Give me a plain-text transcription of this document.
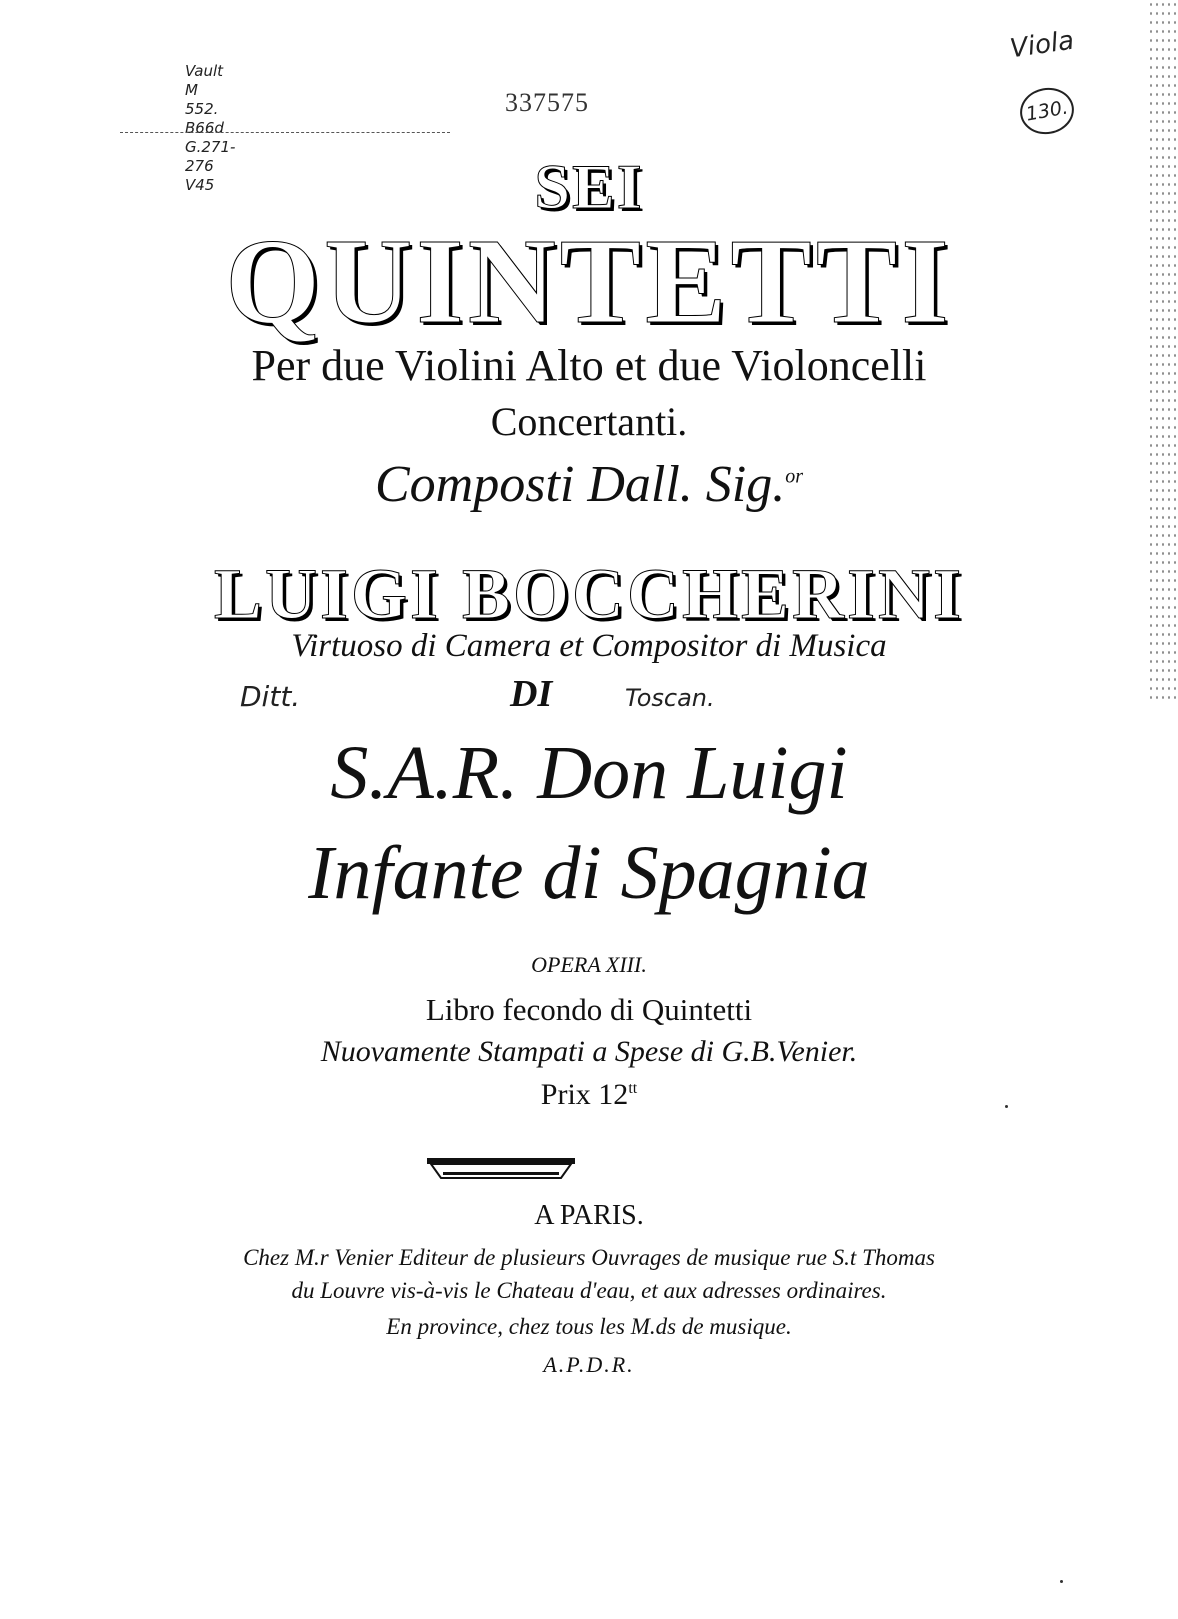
Vault
M
552.
B66d
G.271-
276
V45
337575
Viola
130.
SEI
QUINTETTI
Per due Violini Alto et due Violoncelli
Concertanti.
Composti Dall. Sig.$^{or}$
LUIGI BOCCHERINI
Virtuoso di Camera et Compositor di Musica
Ditt.	DI	Toscan.
S.A.R. Don Luigi
Infante di Spagnia
OPERA XIII.
Libro fecondo di Quintetti
Nuovamente Stampati a Spese di G.B.Venier.
Prix $12^{tt}$
A PARIS.
Chez M.r Venier Editeur de plusieurs Ouvrages de musique rue S.t Thomas
du Louvre vis-à-vis le Chateau d'eau, et aux adresses ordinaires.
En province, chez tous les M.ds de musique.
A.P.D.R.
